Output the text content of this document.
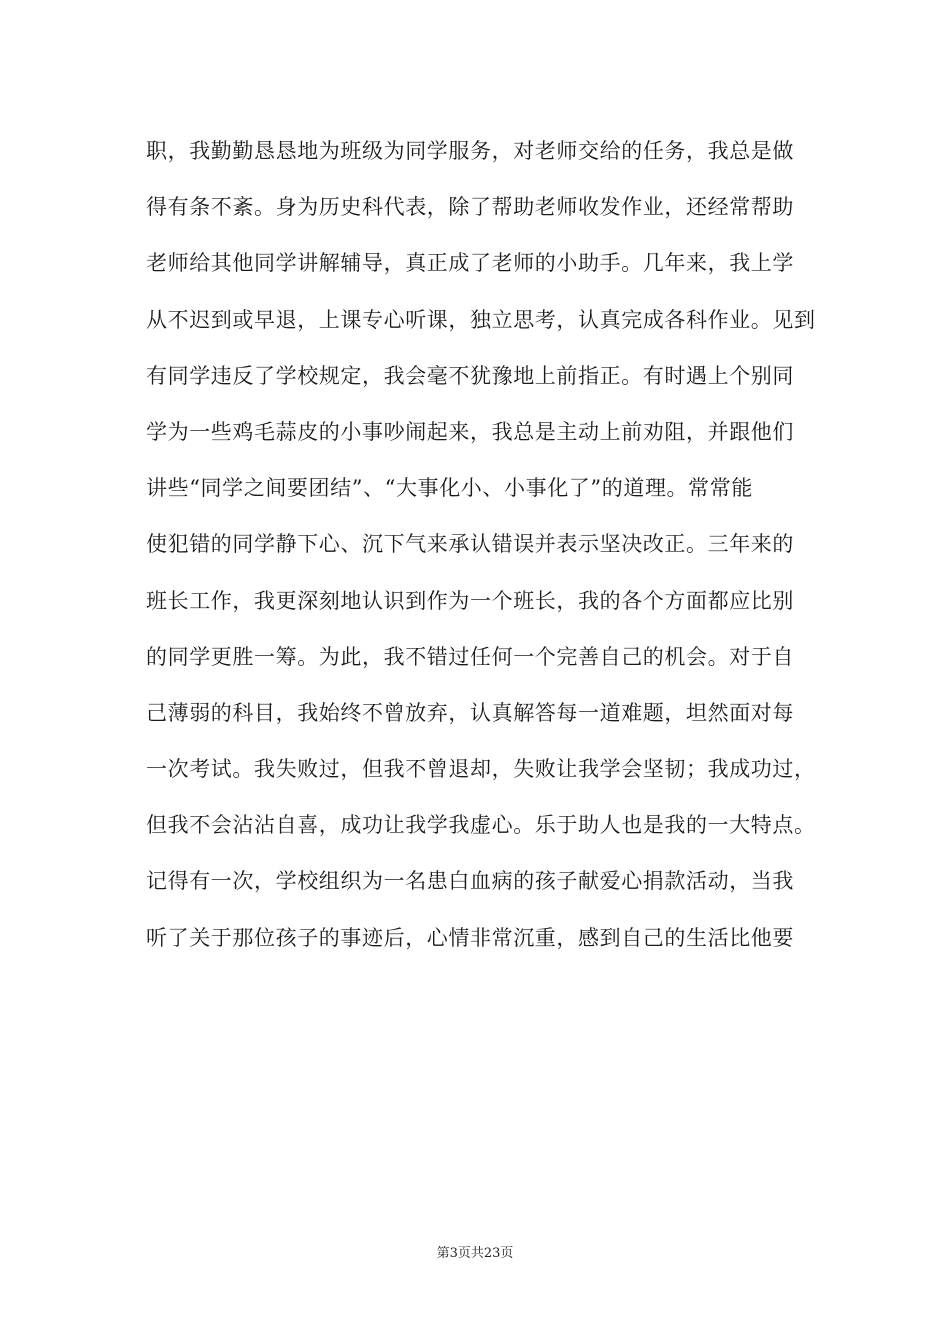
职，我勤勤恳恳地为班级为同学服务，对老师交给的任务，我总是做
得有条不紊。身为历史科代表，除了帮助老师收发作业，还经常帮助
老师给其他同学讲解辅导，真正成了老师的小助手。几年来，我上学
从不迟到或早退，上课专心听课，独立思考，认真完成各科作业。见到
有同学违反了学校规定，我会毫不犹豫地上前指正。有时遇上个别同
学为一些鸡毛蒜皮的小事吵闹起来，我总是主动上前劝阻，并跟他们
讲些“同学之间要团结”、“大事化小、小事化了”的道理。常常能
使犯错的同学静下心、沉下气来承认错误并表示坚决改正。三年来的
班长工作，我更深刻地认识到作为一个班长，我的各个方面都应比别
的同学更胜一筹。为此，我不错过任何一个完善自己的机会。对于自
己薄弱的科目，我始终不曾放弃，认真解答每一道难题，坦然面对每
一次考试。我失败过，但我不曾退却，失败让我学会坚韧；我成功过，
但我不会沾沾自喜，成功让我学我虚心。乐于助人也是我的一大特点。
记得有一次，学校组织为一名患白血病的孩子献爱心捐款活动，当我
听了关于那位孩子的事迹后，心情非常沉重，感到自己的生活比他要
第3页共23页
